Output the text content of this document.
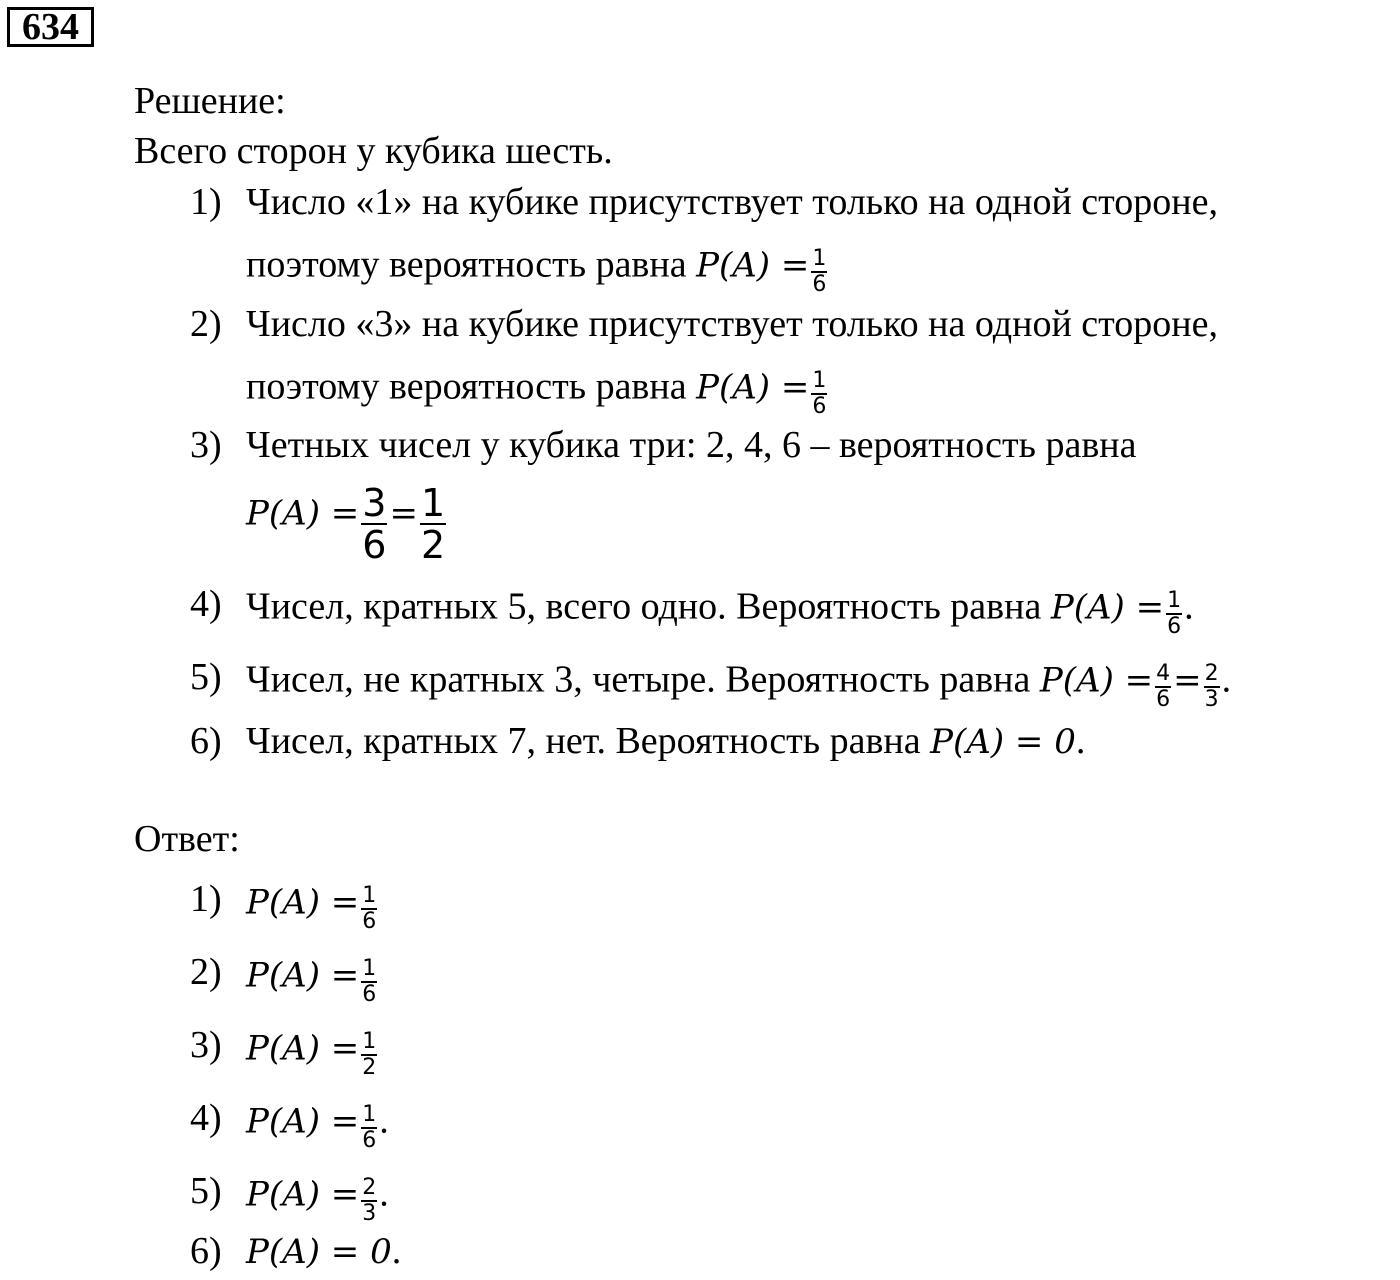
634
Решение:
Всего сторон у кубика шесть.
1) Число «1» на кубике присутствует только на одной стороне,
поэтому вероятность равна $P(A) = \frac{1}{6}$
2) Число «3» на кубике присутствует только на одной стороне,
поэтому вероятность равна $P(A) = \frac{1}{6}$
3) Четных чисел у кубика три: 2, 4, 6 – вероятность равна
$P(A) = \frac{3}{6} = \frac{1}{2}$
4) Чисел, кратных 5, всего одно. Вероятность равна $P(A) = \frac{1}{6}$ .
5) Чисел, не кратных 3, четыре. Вероятность равна $P(A) = \frac{4}{6} = \frac{2}{3}$ .
6) Чисел, кратных 7, нет. Вероятность равна P(A) = 0.
Ответ:
1) $P(A) = \frac{1}{6}$
2) $P(A) = \frac{1}{6}$
3) $P(A) = \frac{1}{2}$
4) $P(A) = \frac{1}{6}$ .
5) $P(A) = \frac{2}{3}$ .
6) P(A) = 0.
